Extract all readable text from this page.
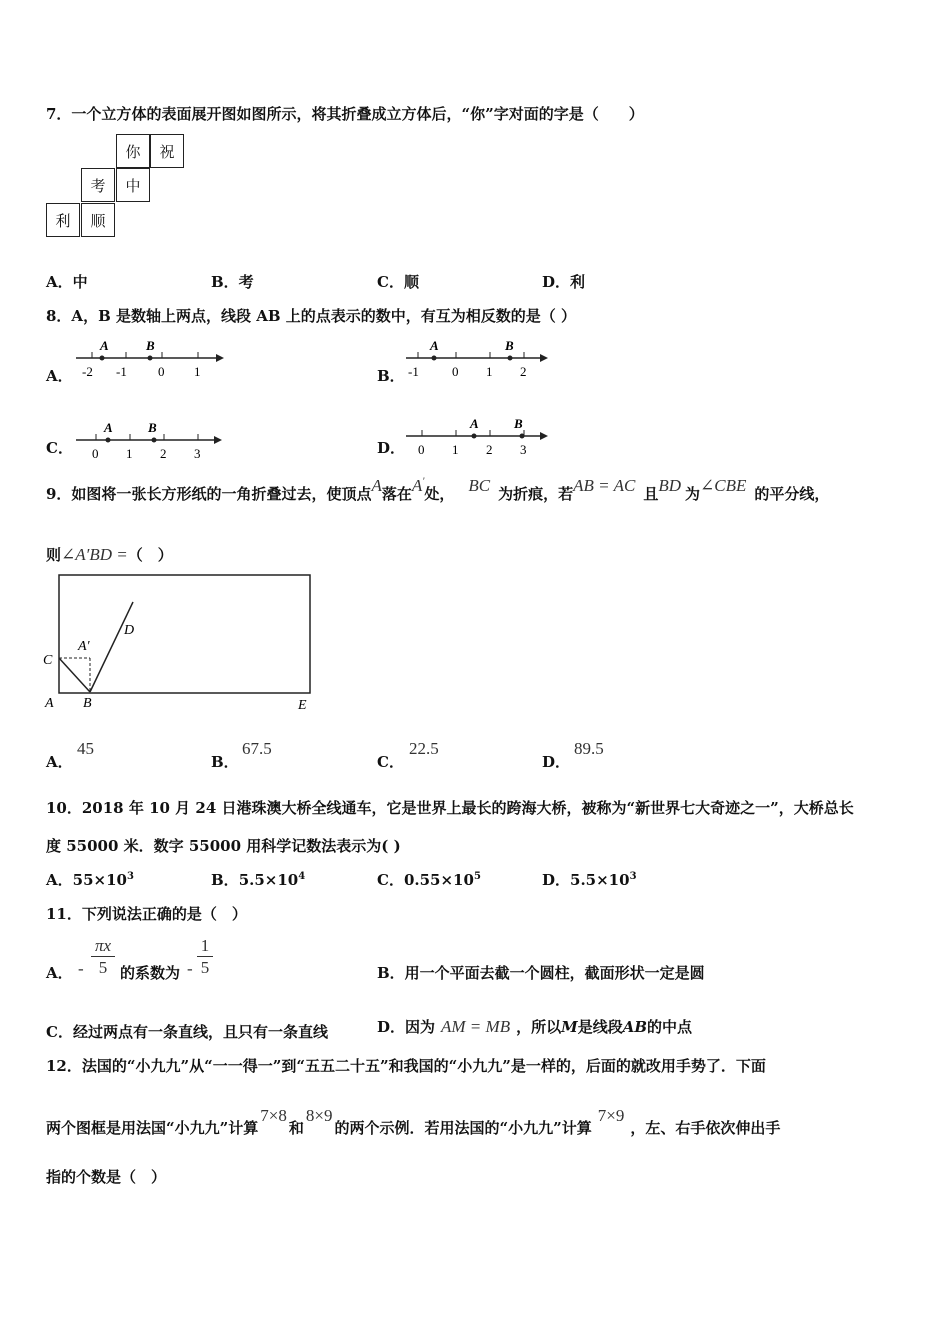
7．一个立方体的表面展开图如图所示，将其折叠成立方体后，“你”字对面的字是（　　）
你	祝
考	中
利	顺
A．中	B．考	C．顺	D．利
8．A，B 是数轴上两点，线段 AB 上的点表示的数中，有互为相反数的是（ ）
A．
A	B
-2 -1 0 1	B．
A	B
-1	0 1 2
C．
A	B
0 1 2 3	D．
A	B
0 1 2 3
9．如图将一张长方形纸的一角折叠过去，使顶点A落在A'处， BC 为折痕，若AB = AC 且BD 为∠CBE 的平分线，
则∠A′BD =（　）
C
A′
D
A B	E
A．
45
B．
67.5
C．
22.5
D．
89.5
10．2018 年 10 月 24 日港珠澳大桥全线通车，它是世界上最长的跨海大桥，被称为“新世界七大奇迹之一”，大桥总长
度 55000 米．数字 55000 用科学记数法表示为( )
A．$55\times 10^3$	B．$5.5\times 10^4$	C．$0.55\times 10^5$	D．$5.5\times 10^3$
11．下列说法正确的是（　）
A． -
πx
5 的系数为 -
1
5	B．用一个平面去截一个圆柱，截面形状一定是圆
C．经过两点有一条直线，且只有一条直线	D．因为 AM = MB ，所以M是线段AB的中点
12．法国的“小九九”从“一一得一”到“五五二十五”和我国的“小九九”是一样的，后面的就改用手势了．下面
两个图框是用法国“小九九”计算7×8和8×9的两个示例．若用法国的“小九九”计算7×9，左、右手依次伸出手
指的个数是（　）
